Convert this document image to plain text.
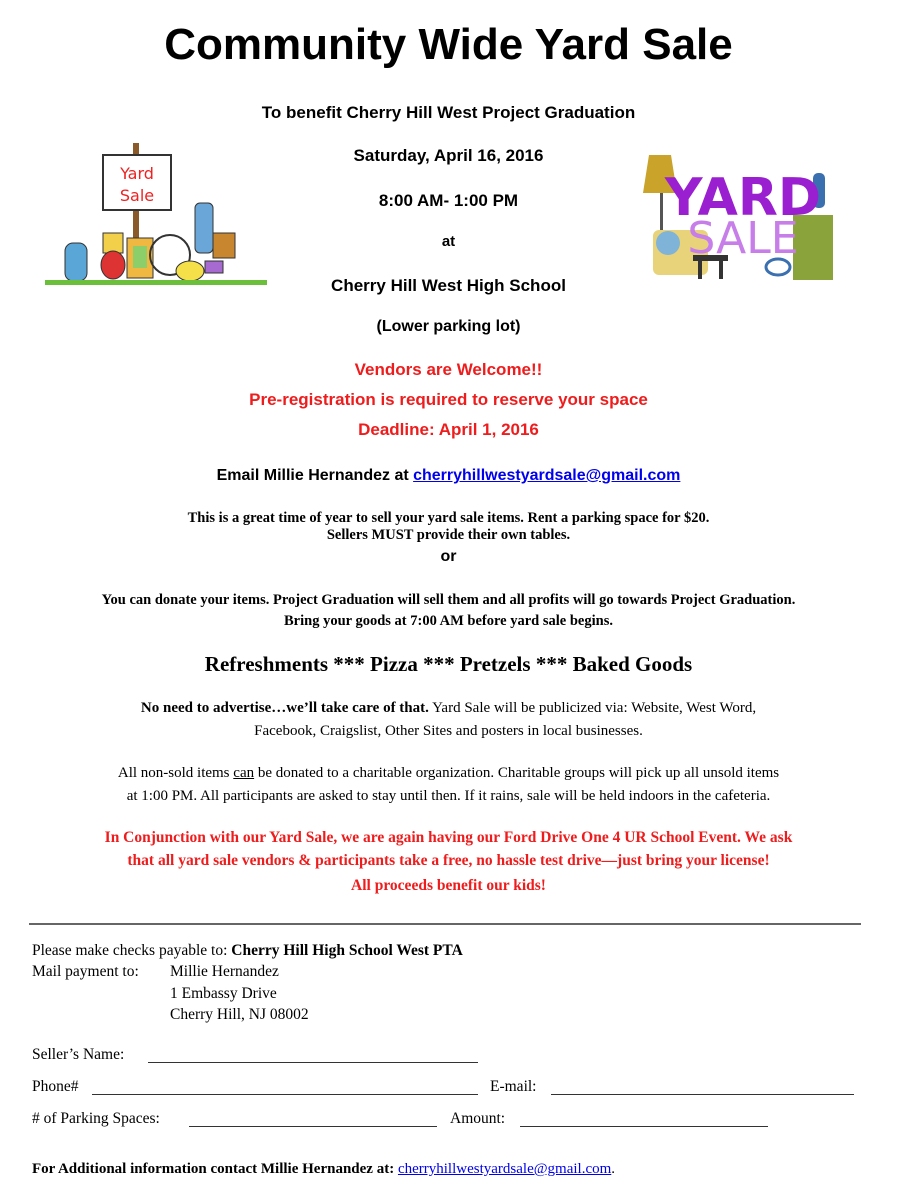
Community Wide Yard Sale
To benefit Cherry Hill West Project Graduation
Saturday, April 16, 2016
8:00 AM- 1:00 PM
at
Cherry Hill West High School
(Lower parking lot)
Yard
Sale	YARD
SALE
Vendors are Welcome!!
Pre-registration is required to reserve your space
Deadline: April 1, 2016
Email Millie Hernandez at cherryhillwestyardsale@gmail.com
This is a great time of year to sell your yard sale items. Rent a parking space for $20.
Sellers MUST provide their own tables.
or
You can donate your items. Project Graduation will sell them and all profits will go towards Project Graduation.
Bring your goods at 7:00 AM before yard sale begins.
Refreshments *** Pizza *** Pretzels *** Baked Goods
No need to advertise…we’ll take care of that. Yard Sale will be publicized via: Website, West Word,
Facebook, Craigslist, Other Sites and posters in local businesses.
All non-sold items can be donated to a charitable organization. Charitable groups will pick up all unsold items
at 1:00 PM. All participants are asked to stay until then. If it rains, sale will be held indoors in the cafeteria.
In Conjunction with our Yard Sale, we are again having our Ford Drive One 4 UR School Event. We ask
that all yard sale vendors & participants take a free, no hassle test drive—just bring your license!
All proceeds benefit our kids!
Please make checks payable to: Cherry Hill High School West PTA
Mail payment to: Millie Hernandez
1 Embassy Drive
Cherry Hill, NJ 08002
Seller’s Name:
Phone#	E-mail:
# of Parking Spaces:	Amount:
For Additional information contact Millie Hernandez at: cherryhillwestyardsale@gmail.com.
